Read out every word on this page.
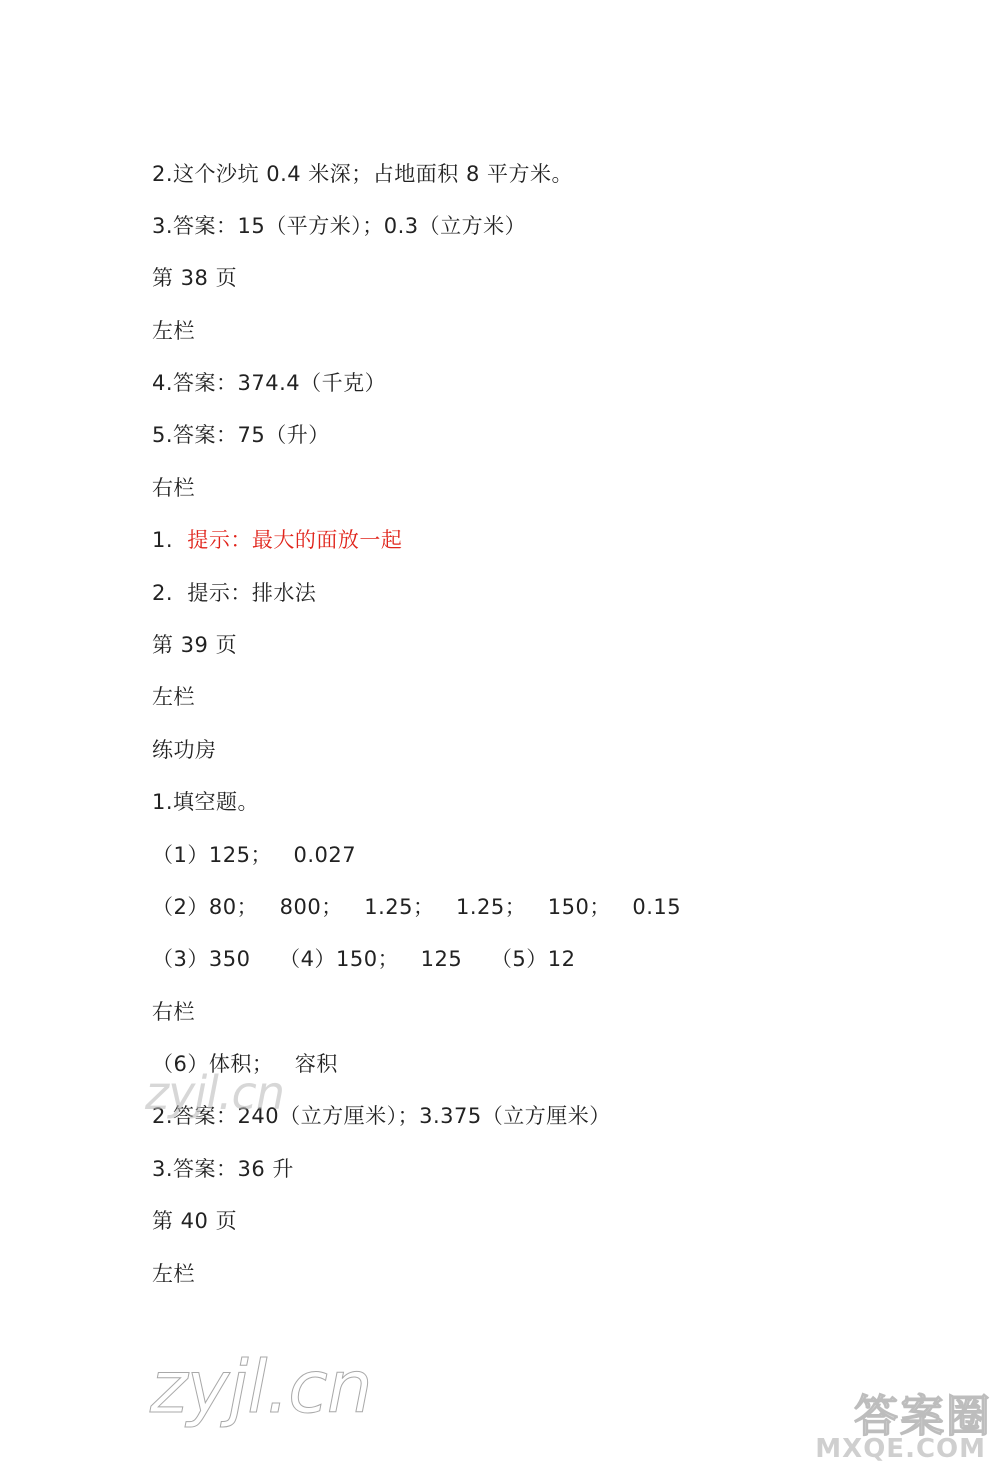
2.这个沙坑 0.4 米深；占地面积 8 平方米。
3.答案：15（平方米）；0.3（立方米）
第 38 页
左栏
4.答案：374.4（千克）
5.答案：75（升）
右栏
1.  提示：最大的面放一起
2.  提示：排水法
第 39 页
左栏
练功房
1.填空题。
（1）125；   0.027
（2）80；   800；   1.25；   1.25；   150；   0.15
（3）350    （4）150；   125    （5）12
右栏
（6）体积；   容积
2.答案：240（立方厘米）；3.375（立方厘米）
3.答案：36 升
第 40 页
左栏
zyjl.cn
zyjl.cn	答案圈
MXQE.COM
